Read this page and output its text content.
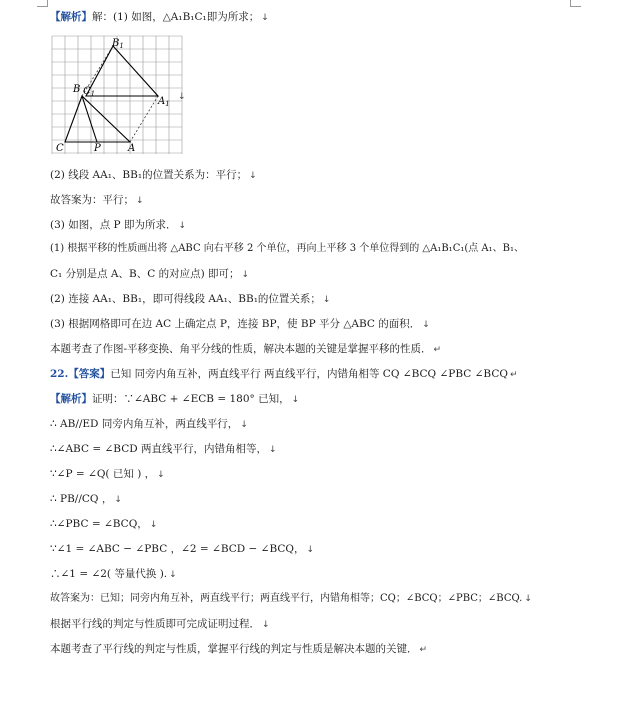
【解析】解：(1) 如图，△A₁B₁C₁即为所求； ↓
$B_1$
B $C_1$
$A_1$
C	P	A
↓
(2) 线段 AA₁、BB₁的位置关系为：平行； ↓
故答案为：平行； ↓
(3) 如图，点 P 即为所求． ↓
(1) 根据平移的性质画出将 △ABC 向右平移 2 个单位，再向上平移 3 个单位得到的 △A₁B₁C₁(点 A₁、B₁、
C₁ 分别是点 A、B、C 的对应点) 即可； ↓
(2) 连接 AA₁、BB₁，即可得线段 AA₁、BB₁的位置关系； ↓
(3) 根据网格即可在边 AC 上确定点 P，连接 BP，使 BP 平分 △ABC 的面积． ↓
本题考查了作图-平移变换、角平分线的性质，解决本题的关键是掌握平移的性质． ↵
22.【答案】已知 同旁内角互补，两直线平行 两直线平行，内错角相等 CQ ∠BCQ ∠PBC ∠BCQ ↵
【解析】证明：∵∠ABC + ∠ECB = 180° 已知， ↓
∴ AB//ED 同旁内角互补，两直线平行， ↓
∴∠ABC = ∠BCD 两直线平行，内错角相等， ↓
∵∠P = ∠Q( 已知 ) ， ↓
∴ PB//CQ ， ↓
∴∠PBC = ∠BCQ， ↓
∵∠1 = ∠ABC − ∠PBC ，∠2 = ∠BCD − ∠BCQ， ↓
∴∠1 = ∠2( 等量代换 ). ↓
故答案为：已知；同旁内角互补，两直线平行；两直线平行，内错角相等；CQ；∠BCQ；∠PBC；∠BCQ. ↓
根据平行线的判定与性质即可完成证明过程． ↓
本题考查了平行线的判定与性质，掌握平行线的判定与性质是解决本题的关键． ↵
